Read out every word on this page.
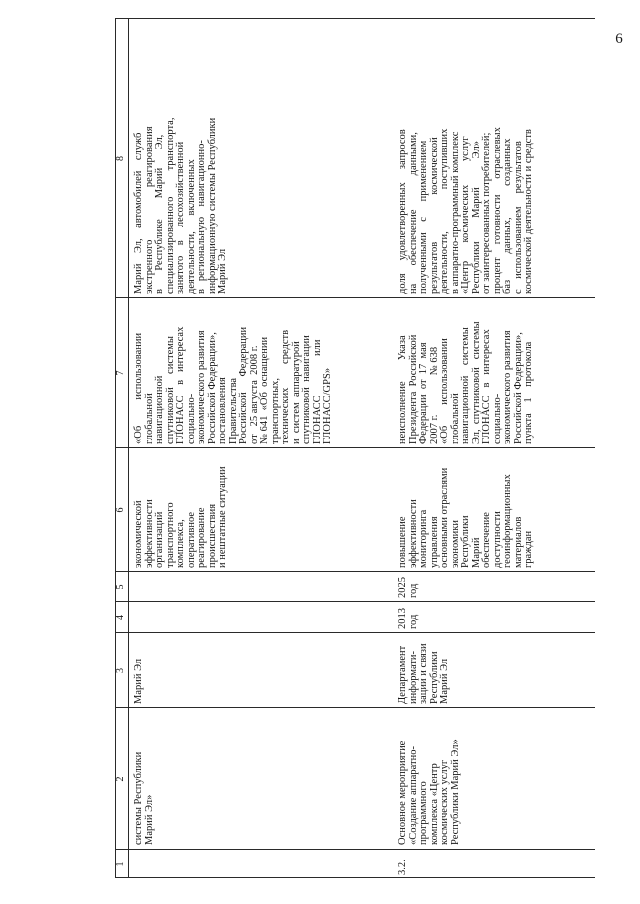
6
1
2
3
4
5
6
7
8
системы Республики
Марий Эл»
Марий Эл
экономической
эффективности
организаций
транспортного
комплекса,
оперативное
реагирование
происшествия
и нештатные ситуации
«Об          использовании
глобальной
навигационной
спутниковой     системы
ГЛОНАСС    в   интересах
социально-
экономического развития
Российской Федерации»,
постановления
Правительства
Российской      Федерации
от   25 августа  2008 г.
№ 641  «Об  оснащении
транспортных,
технических         средств
и  систем  аппаратурой
спутниковой  навигации
ГЛОНАСС               или
ГЛОНАСС/GPS»
Марий    Эл,    автомобилей    служб
экстренного                    реагирования
в       Республике        Марий       Эл,
специализированного          транспорта,
занятого    в     лесохозяйственной
деятельности,      включенных
в   региональную    навигационно-
информационную системы Республики
Марий Эл
3.2.
Основное мероприятие
«Создание аппаратно-
программного
комплекса «Центр
космических услуг
Республики Марий Эл»
Департамент
информати-
зации и связи
Республики
Марий Эл
2013
год
2025
год
повышение
эффективности
мониторинга
управления
основными отраслями
экономики
Республики
Марий
обеспечение
доступности
геоинформационных
материалов
граждан
неисполнение        Указа
Президента  Российской
Федерации  от  17  мая
2007 г.               № 638
«Об        использовании
глобальной
навигационной    системы
Эл,  спутниковой   системы
ГЛОНАСС   в   интересах
социально-
экономического развития
Российской Федерации»,
пункта    1    протокола
доля     удовлетворенных     запросов
на       обеспечение             данными,
полученными    с      применением
результатов                  космической
деятельности,                поступивших
в аппаратно-программный комплекс
«Центр       космических         услуг
Республики         Марий           Эл»
от заинтересованных потребителей;
процент     готовности      отраслевых
баз          данных,            созданных
с    использованием     результатов
космической деятельности и средств
